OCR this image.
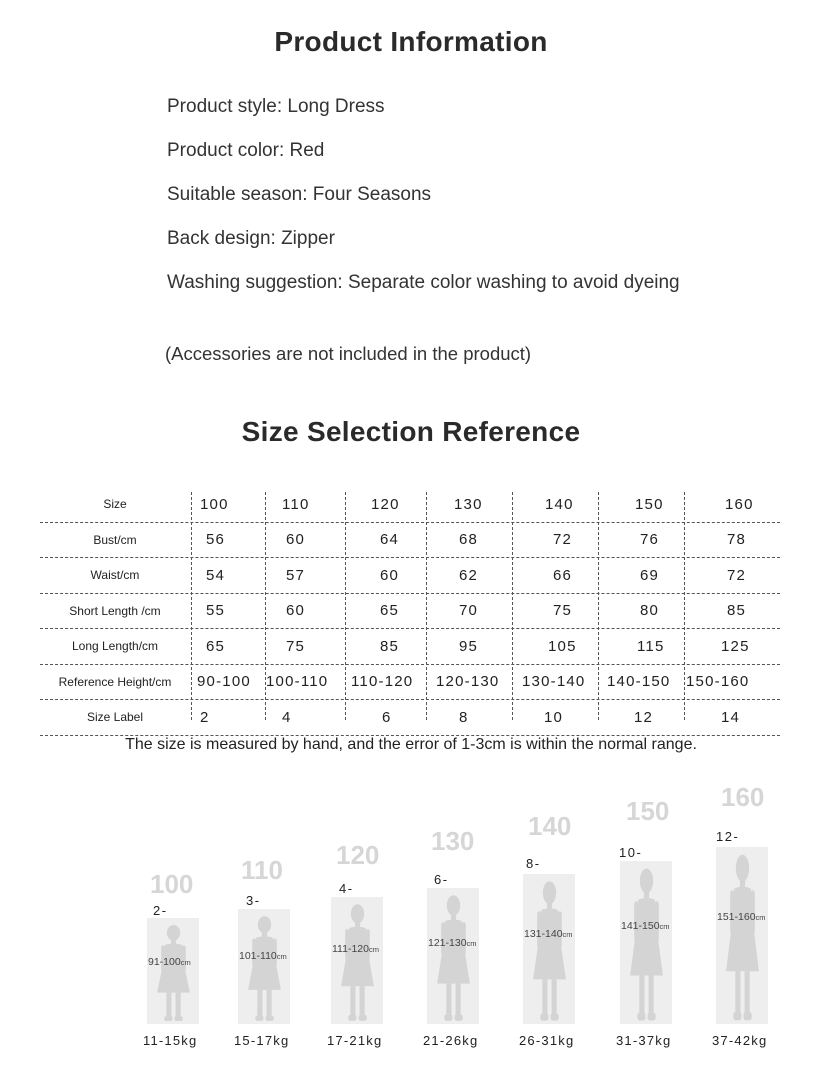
Product Information
Product style: Long Dress
Product color: Red
Suitable season: Four Seasons
Back design: Zipper
Washing suggestion: Separate color washing to avoid dyeing
(Accessories are not included in the product)
Size Selection Reference
Size	100	110	120	130	140	150	160
Bust/cm	56	60	64	68	72	76	78
Waist/cm	54	57	60	62	66	69	72
Short Length /cm	55	60	65	70	75	80	85
Long Length/cm	65	75	85	95	105	115	125
Reference Height/cm	90-100 100-110 110-120 120-130 130-140 140-150 150-160
Size Label	2	4	6	8	10	12	14
The size is measured by hand, and the error of 1-3cm is within the normal range.
100
2-
91-100cm
11-15kg
110
3-
101-110cm
15-17kg
120
4-
111-120cm
17-21kg
130
6-
121-130cm
21-26kg
140
8-
131-140cm
26-31kg
150
10-
141-150cm
31-37kg
160
12-
151-160cm
37-42kg
